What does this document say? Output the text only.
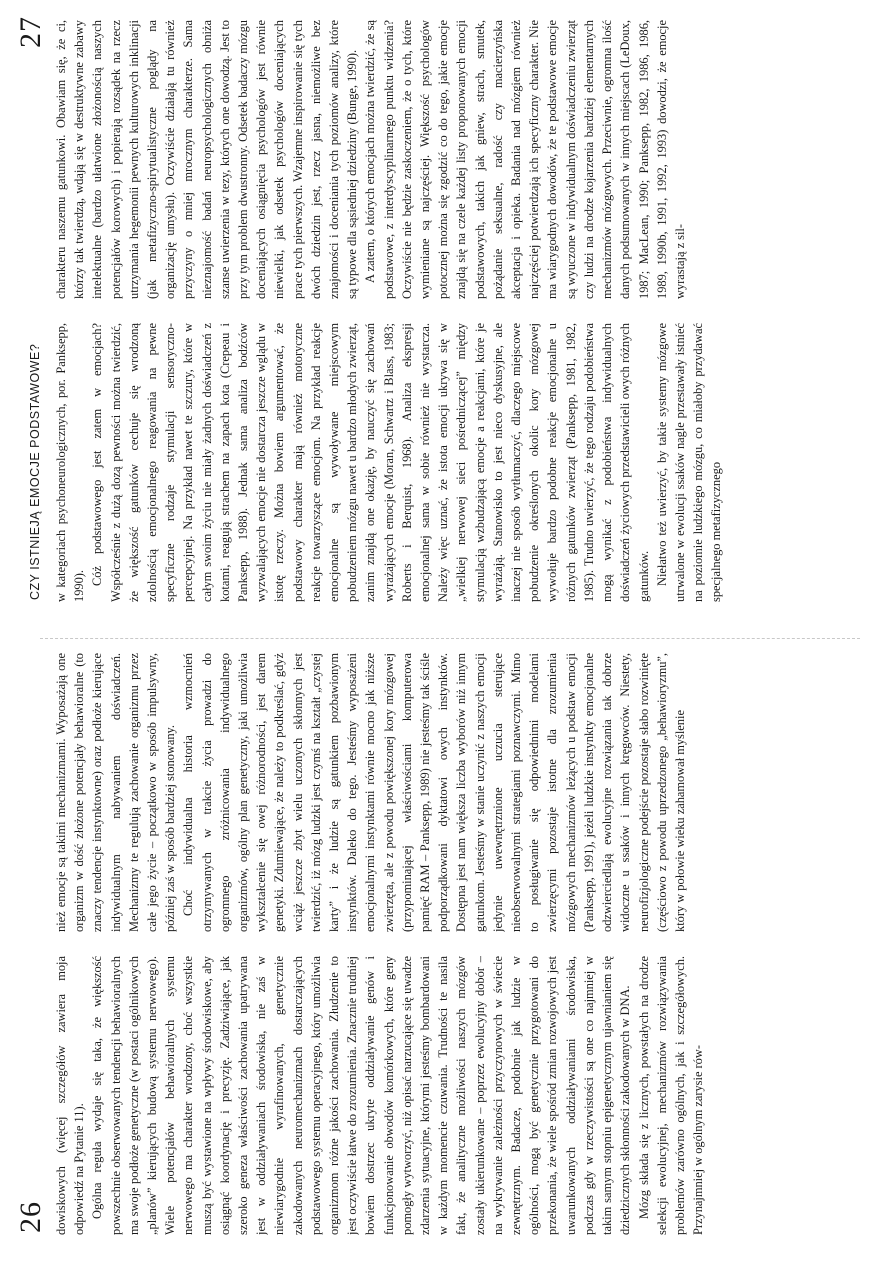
26 dowiskowych (więcej szczegółów zawiera moja odpowiedź na Pytanie 11). Ogólna reguła wydaje się taka, że większość powszechnie obserwowanych tendencji behawioralnych ma swoje podłoże genetyczne (w postaci ogólnikowych „planów” kierujących budową systemu nerwowego). Wiele potencjałów behawioralnych systemu nerwowego ma charakter wrodzony, choć wszystkie muszą być wystawione na wpływy środowiskowe, aby osiągnąć koordynację i precyzję. Zadziwiające, jak szeroko geneza właściwości zachowania upatrywana jest w oddziaływaniach środowiska, nie zaś w niewiarygodnie wyrafinowanych, genetycznie zakodowanych neuromechanizmach dostarczających podstawowego systemu operacyjnego, który umożliwia organizmom różne jakości zachowania. Złudzenie to jest oczywiście łatwe do zrozumienia. Znacznie trudniej bowiem dostrzec ukryte oddziaływanie genów i funkcjonowanie obwodów komórkowych, które geny pomogły wytworzyć, niż opisać narzucające się uwadze zdarzenia sytuacyjne, którymi jesteśmy bombardowani w każdym momencie czuwania. Trudności te nasila fakt, że analityczne możliwości naszych mózgów zostały ukierunkowane – poprzez ewolucyjny dobór – na wykrywanie zależności przyczynowych w świecie zewnętrznym. Badacze, podobnie jak ludzie w ogólności, mogą być genetycznie przygotowani do przekonania, że wiele spośród zmian rozwojowych jest uwarunkowanych oddziaływaniami środowiska, podczas gdy w rzeczywistości są one co najmniej w takim samym stopniu epigenetycznym ujawnianiem się dziedzicznych skłonności zakodowanych w DNA. Mózg składa się z licznych, powstałych na drodze selekcji ewolucyjnej, mechanizmów rozwiązywania problemów zarówno ogólnych, jak i szczegółowych. Przynajmniej w ogólnym zarysie rów-

nież emocje są takimi mechanizmami. Wyposażają one organizm w dość złożone potencjały behawioralne (to znaczy tendencje instynktowne) oraz podłoże kierujące indywidualnym nabywaniem doświadczeń. Mechanizmy te regulują zachowanie organizmu przez całe jego życie – początkowo w sposób impulsywny, później zaś w sposób bardziej stonowany. Choć indywidualna historia wzmocnień otrzymywanych w trakcie życia prowadzi do ogromnego zróżnicowania indywidualnego organizmów, ogólny plan genetyczny, jaki umożliwia wykształcenie się owej różnorodności, jest darem genetyki. Zdumiewające, że należy to podkreślać, gdyż wciąż jeszcze zbyt wielu uczonych skłonnych jest twierdzić, iż mózg ludzki jest czymś na kształt „czystej karty” i że ludzie są gatunkiem pozbawionym instynktów. Daleko do tego. Jesteśmy wyposażeni emocjonalnymi instynktami równie mocno jak niższe zwierzęta, ale z powodu powiększonej kory mózgowej (przypominającej właściwościami komputerowa pamięć RAM – Panksepp, 1989) nie jesteśmy tak ściśle podporządkowani dyktatowi owych instynktów. Dostępna jest nam większa liczba wyborów niż innym gatunkom. Jesteśmy w stanie uczynić z naszych emocji jedynie uwewnętrznione uczucia sterujące nieobserwowalnymi strategiami poznawczymi. Mimo to posługiwanie się odpowiednimi modelami zwierzęcymi pozostaje istotne dla zrozumienia mózgowych mechanizmów leżących u podstaw emocji (Panksepp, 1991), jeżeli ludzkie instynkty emocjonalne odzwierciedlają ewolucyjne rozwiązania tak dobrze widoczne u ssaków i innych kręgowców. Niestety, neurofizjologiczne podejście pozostaje słabo rozwinięte (częściowo z powodu uprzedzonego „behawioryzmu”, który w połowie wieku zahamował myślenie

CZY ISTNIEJĄ EMOCJE PODSTAWOWE?
27

w kategoriach psychoneurologicznych, por. Panksepp, 1990). Cóż podstawowego jest zatem w emocjach? Współcześnie z dużą dozą pewności można twierdzić, że większość gatunków cechuje się wrodzoną zdolnością emocjonalnego reagowania na pewne specyficzne rodzaje stymulacji sensoryczno-percepcyjnej. Na przykład nawet te szczury, które w całym swoim życiu nie miały żadnych doświadczeń z kotami, reagują strachem na zapach kota (Crepeau i Panksepp, 1988). Jednak sama analiza bodźców wyzwalających emocje nie dostarcza jeszcze wglądu w istotę rzeczy. Można bowiem argumentować, że podstawowy charakter mają również motoryczne reakcje towarzyszące emocjom. Na przykład reakcje emocjonalne są wywoływane miejscowym pobudzeniem mózgu nawet u bardzo młodych zwierząt, zanim znajdą one okazję, by nauczyć się zachowań wyrażających emocje (Moran, Schwartz i Blass, 1983; Roberts i Berquist, 1968). Analiza ekspresji emocjonalnej sama w sobie również nie wystarcza. Należy więc uznać, że istota emocji ukrywa się w „wielkiej nerwowej sieci pośredniczącej” między stymulacją wzbudzającą emocje a reakcjami, które je wyrażają. Stanowisko to jest nieco dyskusyjne, ale inaczej nie sposób wytłumaczyć, dlaczego miejscowe pobudzenie określonych okolic kory mózgowej wywołuje bardzo podobne reakcje emocjonalne u różnych gatunków zwierząt (Panksepp, 1981, 1982, 1985). Trudno uwierzyć, że tego rodzaju podobieństwa mogą wynikać z podobieństwa indywidualnych doświadczeń życiowych przedstawicieli owych różnych gatunków. Niełatwo też uwierzyć, by takie systemy mózgowe utrwalone w ewolucji ssaków nagle przestawały istnieć na poziomie ludzkiego mózgu, co miałoby przydawać specjalnego metafizycznego

charakteru naszemu gatunkowi. Obawiam się, że ci, którzy tak twierdzą, wdają się w destruktywne zabawy intelektualne (bardzo ułatwione złożonością naszych potencjałów korowych) i popierają rozsądek na rzecz utrzymania hegemonii pewnych kulturowych inklinacji (jak metafizyczno-spirytualistyczne poglądy na organizację umysłu). Oczywiście działają tu również przyczyny o mniej mrocznym charakterze. Sama nieznajomość badań neuropsychologicznych obniża szanse uwierzenia w tezy, których one dowodzą. Jest to przy tym problem dwustronny. Odsetek badaczy mózgu doceniających osiągnięcia psychologów jest równie niewielki, jak odsetek psychologów doceniających prace tych pierwszych. Wzajemne inspirowanie się tych dwóch dziedzin jest, rzecz jasna, niemożliwe bez znajomości i doceniania tych poziomów analizy, które są typowe dla sąsiedniej dziedziny (Bunge, 1990). A zatem, o których emocjach można twierdzić, że są podstawowe, z interdyscyplinarnego punktu widzenia? Oczywiście nie będzie zaskoczeniem, że o tych, które wymieniane są najczęściej. Większość psychologów potocznej można się zgodzić co do tego, jakie emocje znajdą się na czele każdej listy proponowanych emocji podstawowych, takich jak gniew, strach, smutek, pożądanie seksualne, radość czy macierzyńska akceptacja i opieka. Badania nad mózgiem również najczęściej potwierdzają ich specyficzny charakter. Nie ma wiarygodnych dowodów, że te podstawowe emocje są wyuczone w indywidualnym doświadczeniu zwierząt czy ludzi na drodze kojarzenia bardziej elementarnych mechanizmów mózgowych. Przeciwnie, ogromna ilość danych podsumowanych w innych miejscach (LeDoux, 1987; MacLean, 1990; Panksepp, 1982, 1986, 1986, 1989, 1990b, 1991, 1992, 1993) dowodzi, że emocje wyrastają z sil-
